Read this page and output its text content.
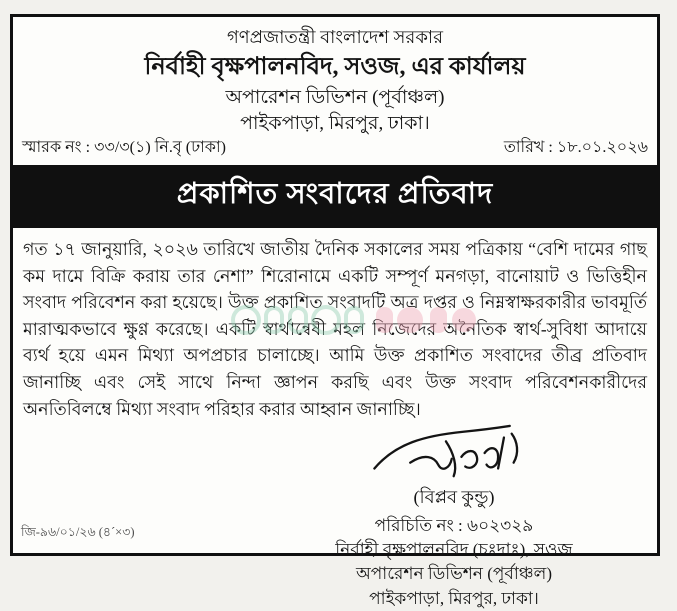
গণপ্রজাতন্ত্রী বাংলাদেশ সরকার
নির্বাহী বৃক্ষপালনবিদ, সওজ, এর কার্যালয়
অপারেশন ডিভিশন (পূর্বাঞ্চল)
পাইকপাড়া, মিরপুর, ঢাকা।
স্মারক নং : ৩৩/৩(১) নি.বৃ (ঢাকা)	তারিখ : ১৮.০১.২০২৬
প্রকাশিত সংবাদের প্রতিবাদ

গত ১৭ জানুয়ারি, ২০২৬ তারিখে জাতীয় দৈনিক সকালের সময় পত্রিকায় “বেশি দামের গাছ কম দামে বিক্রি করায় তার নেশা” শিরোনামে একটি সম্পূর্ণ মনগড়া, বানোয়াট ও ভিত্তিহীন সংবাদ পরিবেশন করা হয়েছে। উক্ত প্রকাশিত সংবাদটি অত্র দপ্তর ও নিম্নস্বাক্ষরকারীর ভাবমূর্তি মারাত্মকভাবে ক্ষুণ্ণ করেছে। একটি স্বার্থান্বেষী মহল নিজেদের অনৈতিক স্বার্থ-সুবিধা আদায়ে ব্যর্থ হয়ে এমন মিথ্যা অপপ্রচার চালাচ্ছে। আমি উক্ত প্রকাশিত সংবাদের তীব্র প্রতিবাদ জানাচ্ছি এবং সেই সাথে নিন্দা জ্ঞাপন করছি এবং উক্ত সংবাদ পরিবেশনকারীদের অনতিবিলম্বে মিথ্যা সংবাদ পরিহার করার আহ্বান জানাচ্ছি।

(বিপ্লব কুন্ডু)
পরিচিতি নং : ৬০২৩২৯
নির্বাহী বৃক্ষপালনবিদ (চঃদাঃ), সওজ
অপারেশন ডিভিশন (পূর্বাঞ্চল)
পাইকপাড়া, মিরপুর, ঢাকা।
জি-৯৬/০১/২৬ (৪´×৩)
